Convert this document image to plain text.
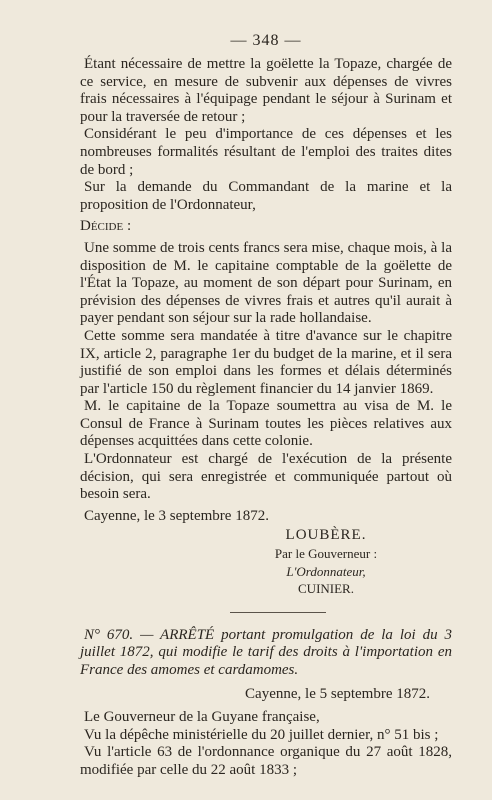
— 348 —

Étant nécessaire de mettre la goëlette la Topaze, chargée de ce service, en mesure de subvenir aux dépenses de vivres frais nécessaires à l'équipage pendant le séjour à Surinam et pour la traversée de retour ;

Considérant le peu d'importance de ces dépenses et les nombreuses formalités résultant de l'emploi des traites dites de bord ;

Sur la demande du Commandant de la marine et la proposition de l'Ordonnateur,

Décide :

Une somme de trois cents francs sera mise, chaque mois, à la disposition de M. le capitaine comptable de la goëlette de l'État la Topaze, au moment de son départ pour Surinam, en prévision des dépenses de vivres frais et autres qu'il aurait à payer pendant son séjour sur la rade hollandaise.

Cette somme sera mandatée à titre d'avance sur le chapitre IX, article 2, paragraphe 1er du budget de la marine, et il sera justifié de son emploi dans les formes et délais déterminés par l'article 150 du règlement financier du 14 janvier 1869.

M. le capitaine de la Topaze soumettra au visa de M. le Consul de France à Surinam toutes les pièces relatives aux dépenses acquittées dans cette colonie.

L'Ordonnateur est chargé de l'exécution de la présente décision, qui sera enregistrée et communiquée partout où besoin sera.

Cayenne, le 3 septembre 1872.

LOUBÈRE.

Par le Gouverneur :

L'Ordonnateur,

CUINIER.

N° 670. — ARRÊTÉ portant promulgation de la loi du 3 juillet 1872, qui modifie le tarif des droits à l'importation en France des amomes et cardamomes.

Cayenne, le 5 septembre 1872.

Le Gouverneur de la Guyane française,

Vu la dépêche ministérielle du 20 juillet dernier, n° 51 bis ;

Vu l'article 63 de l'ordonnance organique du 27 août 1828, modifiée par celle du 22 août 1833 ;
